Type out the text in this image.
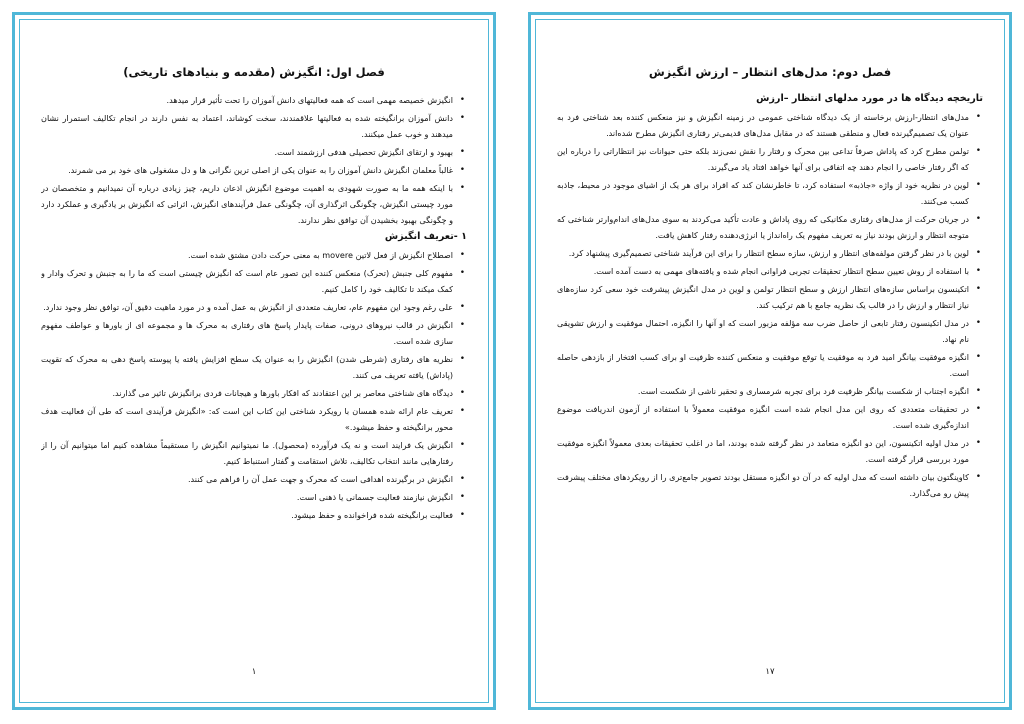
فصل اول: انگیزش (مقدمه و بنیادهای تاریخی)
• انگیزش خصیصه مهمی است که همه فعالیتهای دانش آموزان را تحت تأثیر قرار میدهد.
• دانش آموزان برانگیخته شده به فعالیتها علاقمندند، سخت کوشاند، اعتماد به نفس دارند در انجام تکالیف استمرار نشان میدهند و خوب عمل میکنند.
• بهبود و ارتقای انگیزش تحصیلی هدفی ارزشمند است.
• غالباً معلمان انگیزش دانش آموزان را به عنوان یکی از اصلی ترین نگرانی ها و دل مشغولی های خود بر می شمرند.
• با اینکه همه ما به صورت شهودی به اهمیت موضوع انگیزش اذعان داریم، چیز زیادی درباره آن نمیدانیم و متخصصان در مورد چیستی انگیزش، چگونگی اثرگذاری آن، چگونگی عمل فرآیندهای انگیزش، اثراتی که انگیزش بر یادگیری و عملکرد دارد و چگونگی بهبود بخشیدن آن توافق نظر ندارند.
۱ -تعریف انگیزش
• اصطلاح انگیزش از فعل لاتین movere به معنی حرکت دادن مشتق شده است.
• مفهوم کلی جنبش (تحرک) منعکس کننده این تصور عام است که انگیزش چیستی است که ما را به جنبش و تحرک وادار و کمک میکند تا تکالیف خود را کامل کنیم.
• علی رغم وجود این مفهوم عام، تعاریف متعددی از انگیزش به عمل آمده و در مورد ماهیت دقیق آن، توافق نظر وجود ندارد.
• انگیزش در قالب نیروهای درونی، صفات پایدار پاسخ های رفتاری به محرک ها و مجموعه ای از باورها و عواطف مفهوم سازی شده است.
• نظریه های رفتاری (شرطی شدن) انگیزش را به عنوان یک سطح افزایش یافته یا پیوسته پاسخ دهی به محرک که تقویت (پاداش) یافته تعریف می کنند.
• دیدگاه های شناختی معاصر بر این اعتقادند که افکار باورها و هیجانات فردی برانگیزش تاثیر می گذارند.
• تعریف عام ارائه شده همسان با رویکرد شناختی این کتاب این است که: «انگیزش فرآیندی است که طی آن فعالیت هدف محور برانگیخته و حفظ میشود.»
• انگیزش یک فرایند است و نه یک فرآورده (محصول). ما نمیتوانیم انگیزش را مستقیماً مشاهده کنیم اما میتوانیم آن را از رفتارهایی مانند انتخاب تکالیف، تلاش استقامت و گفتار استنباط کنیم.
• انگیزش در برگیرنده اهدافی است که محرک و جهت عمل آن را فراهم می کنند.
• انگیزش نیازمند فعالیت جسمانی یا ذهنی است.
• فعالیت برانگیخته شده فراخوانده و حفظ میشود.
۱
فصل دوم: مدل‌های انتظار – ارزش انگیزش
تاریخچه دیدگاه ها در مورد مدلهای انتظار –ارزش
• مدل‌های انتظار-ارزش برخاسته از یک دیدگاه شناختی عمومی در زمینه انگیزش و نیز منعکس کننده بعد شناختی فرد به عنوان یک تصمیم‌گیرنده فعال و منطقی هستند که در مقابل مدل‌های قدیمی‌تر رفتاری انگیزش مطرح شده‌اند.
• تولمن مطرح کرد که پاداش صرفاً تداعی بین محرک و رفتار را نقش نمی‌زند بلکه حتی حیوانات نیز انتظاراتی را درباره این که اگر رفتار خاصی را انجام دهند چه اتفاقی برای آنها خواهد افتاد یاد می‌گیرند.
• لوین در نظریه خود از واژه «جاذبه» استفاده کرد، تا خاطرنشان کند که افراد برای هر یک از اشیای موجود در محیط، جاذبه کسب می‌کنند.
• در جریان حرکت از مدل‌های رفتاری مکانیکی که روی پاداش و عادت تأکید می‌کردند به سوی مدل‌های اندام‌وارتر شناختی که متوجه انتظار و ارزش بودند نیاز به تعریف مفهوم یک راه‌انداز یا انرژی‌دهنده رفتار کاهش یافت.
• لوین با در نظر گرفتن مولفه‌های انتظار و ارزش، سازه سطح انتظار را برای این فرآیند شناختی تصمیم‌گیری پیشنهاد کرد.
• با استفاده از روش تعیین سطح انتظار تحقیقات تجربی فراوانی انجام شده و یافته‌های مهمی به دست آمده است.
• اتکینسون براساس سازه‌های انتظار ارزش و سطح انتظار تولمن و لوین در مدل انگیزش پیشرفت خود سعی کرد سازه‌های نیاز انتظار و ارزش را در قالب یک نظریه جامع با هم ترکیب کند.
• در مدل اتکینسون رفتار تابعی از حاصل ضرب سه مؤلفه مزبور است که او آنها را انگیزه، احتمال موفقیت و ارزش تشویقی نام نهاد.
• انگیزه موفقیت بیانگر امید فرد به موفقیت یا توقع موفقیت و منعکس کننده ظرفیت او برای کسب افتخار از بازدهی حاصله است.
• انگیزه اجتناب از شکست بیانگر ظرفیت فرد برای تجربه شرمساری و تحقیر ناشی از شکست است.
• در تحقیقات متعددی که روی این مدل انجام شده است انگیزه موفقیت معمولاً با استفاده از آزمون اندریافت موضوع اندازه‌گیری شده است.
• در مدل اولیه اتکینسون، این دو انگیزه متعامد در نظر گرفته شده بودند، اما در اغلب تحقیقات بعدی معمولاً انگیزه موفقیت مورد بررسی قرار گرفته است.
• کاوینگتون بیان داشته است که مدل اولیه که در آن دو انگیزه مستقل بودند تصویر جامع‌تری را از رویکردهای مختلف پیشرفت پیش رو می‌گذارد.
۱۷
